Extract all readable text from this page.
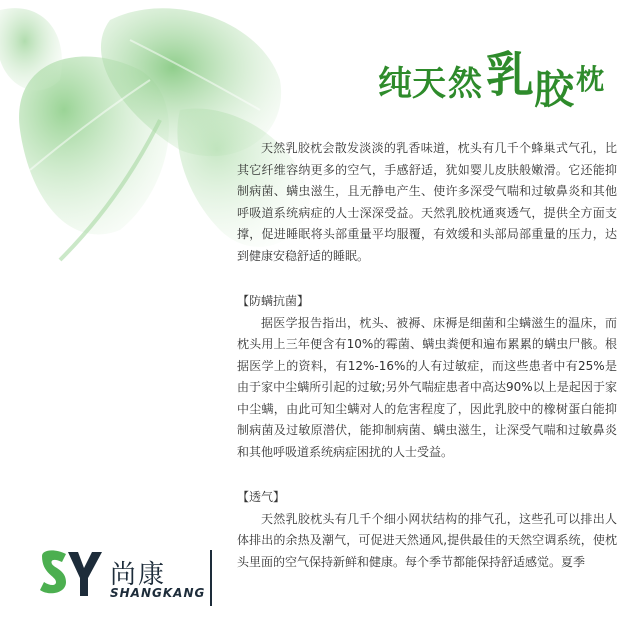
纯 天 然 乳 胶 枕

天然乳胶枕会散发淡淡的乳香味道，枕头有几千个蜂巢式气孔，比其它纤维容纳更多的空气，手感舒适，犹如婴儿皮肤般嫩滑。它还能抑制病菌、螨虫滋生，且无静电产生、使许多深受气喘和过敏鼻炎和其他呼吸道系统病症的人士深深受益。天然乳胶枕通爽透气，提供全方面支撑，促进睡眠将头部重量平均服覆，有效缓和头部局部重量的压力，达到健康安稳舒适的睡眠。

【防螨抗菌】

据医学报告指出，枕头、被褥、床褥是细菌和尘螨滋生的温床，而枕头用上三年便含有10%的霉菌、螨虫粪便和遍布累累的螨虫尸骸。根据医学上的资料，有12%-16%的人有过敏症，而这些患者中有25%是由于家中尘螨所引起的过敏;另外气喘症患者中高达90%以上是起因于家中尘螨，由此可知尘螨对人的危害程度了，因此乳胶中的橡树蛋白能抑制病菌及过敏原潜伏，能抑制病菌、螨虫滋生，让深受气喘和过敏鼻炎和其他呼吸道系统病症困扰的人士受益。

【透气】

天然乳胶枕头有几千个细小网状结构的排气孔，这些孔可以排出人体排出的余热及潮气，可促进天然通风,提供最佳的天然空调系统，使枕头里面的空气保持新鲜和健康。每个季节都能保持舒适感觉。夏季

尚康
SHANGKANG
